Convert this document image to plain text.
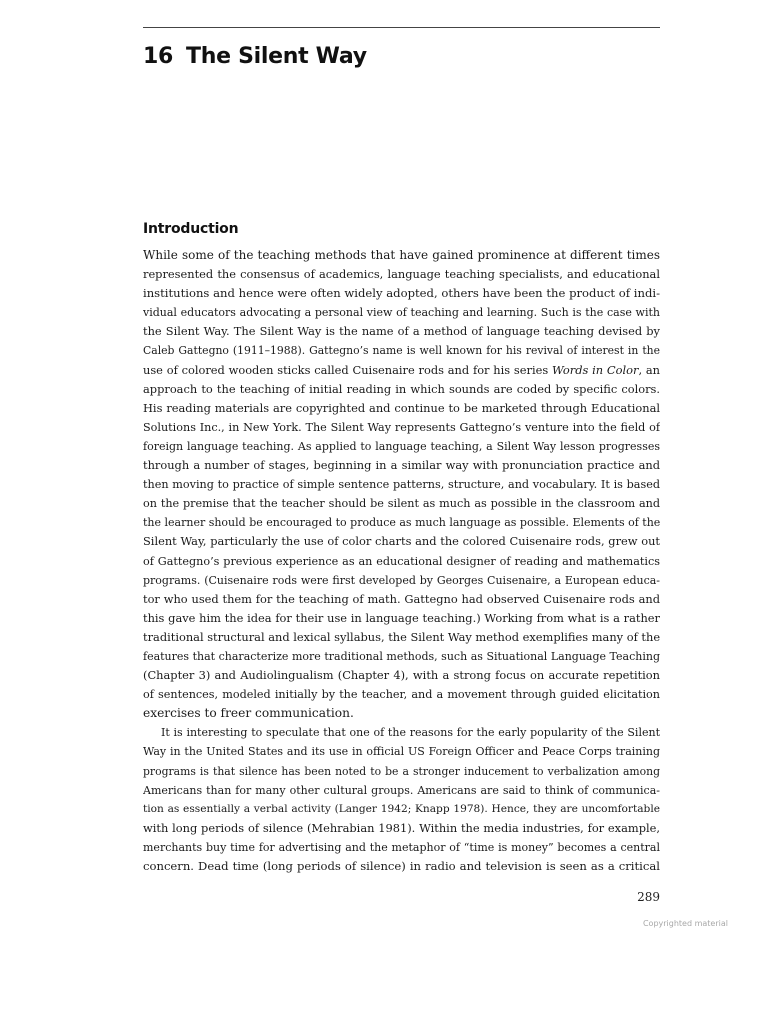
16 The Silent Way
Introduction
While some of the teaching methods that have gained prominence at different times
represented the consensus of academics, language teaching specialists, and educational
institutions and hence were often widely adopted, others have been the product of indi-
vidual educators advocating a personal view of teaching and learning. Such is the case with
the Silent Way. The Silent Way is the name of a method of language teaching devised by
Caleb Gattegno (1911–1988). Gattegno’s name is well known for his revival of interest in the
use of colored wooden sticks called Cuisenaire rods and for his series Words in Color, an
approach to the teaching of initial reading in which sounds are coded by specific colors.
His reading materials are copyrighted and continue to be marketed through Educational
Solutions Inc., in New York. The Silent Way represents Gattegno’s venture into the field of
foreign language teaching. As applied to language teaching, a Silent Way lesson progresses
through a number of stages, beginning in a similar way with pronunciation practice and
then moving to practice of simple sentence patterns, structure, and vocabulary. It is based
on the premise that the teacher should be silent as much as possible in the classroom and
the learner should be encouraged to produce as much language as possible. Elements of the
Silent Way, particularly the use of color charts and the colored Cuisenaire rods, grew out
of Gattegno’s previous experience as an educational designer of reading and mathematics
programs. (Cuisenaire rods were first developed by Georges Cuisenaire, a European educa-
tor who used them for the teaching of math. Gattegno had observed Cuisenaire rods and
this gave him the idea for their use in language teaching.) Working from what is a rather
traditional structural and lexical syllabus, the Silent Way method exemplifies many of the
features that characterize more traditional methods, such as Situational Language Teaching
(Chapter 3) and Audiolingualism (Chapter 4), with a strong focus on accurate repetition
of sentences, modeled initially by the teacher, and a movement through guided elicitation
exercises to freer communication.
It is interesting to speculate that one of the reasons for the early popularity of the Silent
Way in the United States and its use in official US Foreign Officer and Peace Corps training
programs is that silence has been noted to be a stronger inducement to verbalization among
Americans than for many other cultural groups. Americans are said to think of communica-
tion as essentially a verbal activity (Langer 1942; Knapp 1978). Hence, they are uncomfortable
with long periods of silence (Mehrabian 1981). Within the media industries, for example,
merchants buy time for advertising and the metaphor of “time is money” becomes a central
concern. Dead time (long periods of silence) in radio and television is seen as a critical
289
Copyrighted material
